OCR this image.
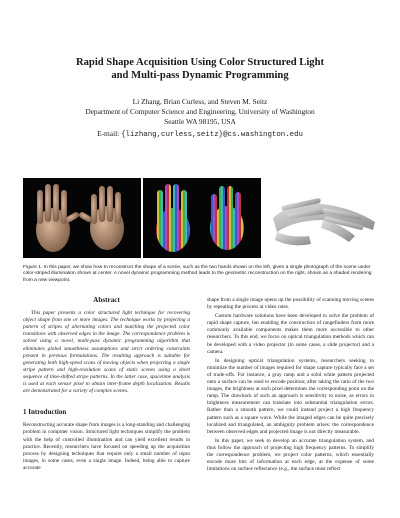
Rapid Shape Acquisition Using Color Structured Light
and Multi-pass Dynamic Programming
Li Zhang, Brian Curless, and Steven M. Seitz
Department of Computer Science and Engineering, University of Washington
Seattle WA 98195, USA
E-mail: {lizhang,curless,seitz}@cs.washington.edu
Figure 1. In this paper, we show how to reconstruct the shape of a scene, such as the two hands shown on the left, given a single photograph of the scene under color-striped illumination shown at center. A novel dynamic programming method leads to the geometric reconstruction on the right, shown as a shaded rendering from a new viewpoint.
Abstract

This paper presents a color structured light technique for recovering object shape from one or more images. The technique works by projecting a pattern of stripes of alternating colors and matching the projected color transitions with observed edges in the image. The correspondence problem is solved using a novel, multi-pass dynamic programming algorithm that eliminates global smoothness assumptions and strict ordering constraints present in previous formulations. The resulting approach is suitable for generating both high-speed scans of moving objects when projecting a single stripe pattern and high-resolution scans of static scenes using a short sequence of time-shifted stripe patterns. In the latter case, spacetime analysis is used at each sensor pixel to obtain inter-frame depth localization. Results are demonstrated for a variety of complex scenes.

1 Introduction

Reconstructing accurate shape from images is a long-standing and challenging problem in computer vision. Structured light techniques simplify the problem with the help of controlled illumination and can yield excellent results in practice. Recently, researchers have focused on speeding up the acquisition process by designing techniques that require only a small number of input images, in some cases, even a single image. Indeed, being able to capture accurate

shape from a single image opens up the possibility of scanning moving scenes by repeating the process at video rates.

Custom hardware solutions have been developed to solve the problem of rapid shape capture, but enabling the construction of rangefinders from more commonly available components makes them more accessible to other researchers. To this end, we focus on optical triangulation methods which can be developed with a video projector (in some cases, a slide projector) and a camera.

In designing optical triangulation systems, researchers seeking to minimize the number of images required for shape capture typically face a set of trade-offs. For instance, a gray ramp and a solid white pattern projected onto a surface can be used to encode position; after taking the ratio of the two images, the brightness at each pixel determines the corresponding point on the ramp. The drawback of such an approach is sensitivity to noise, as errors in brightness measurement can translate into substantial triangulation errors. Rather than a smooth pattern, we could instead project a high frequency pattern such as a square wave. While the imaged edges can be quite precisely localized and triangulated, an ambiguity problem arises: the correspondence between observed edges and projected image is not directly measurable.

In this paper, we seek to develop an accurate triangulation system, and thus follow the approach of projecting high frequency patterns. To simplify the correspondence problem, we project color patterns, which essentially encode more bits of information at each edge, at the expense of some limitations on surface reflectance (e.g., the surface must reflect
